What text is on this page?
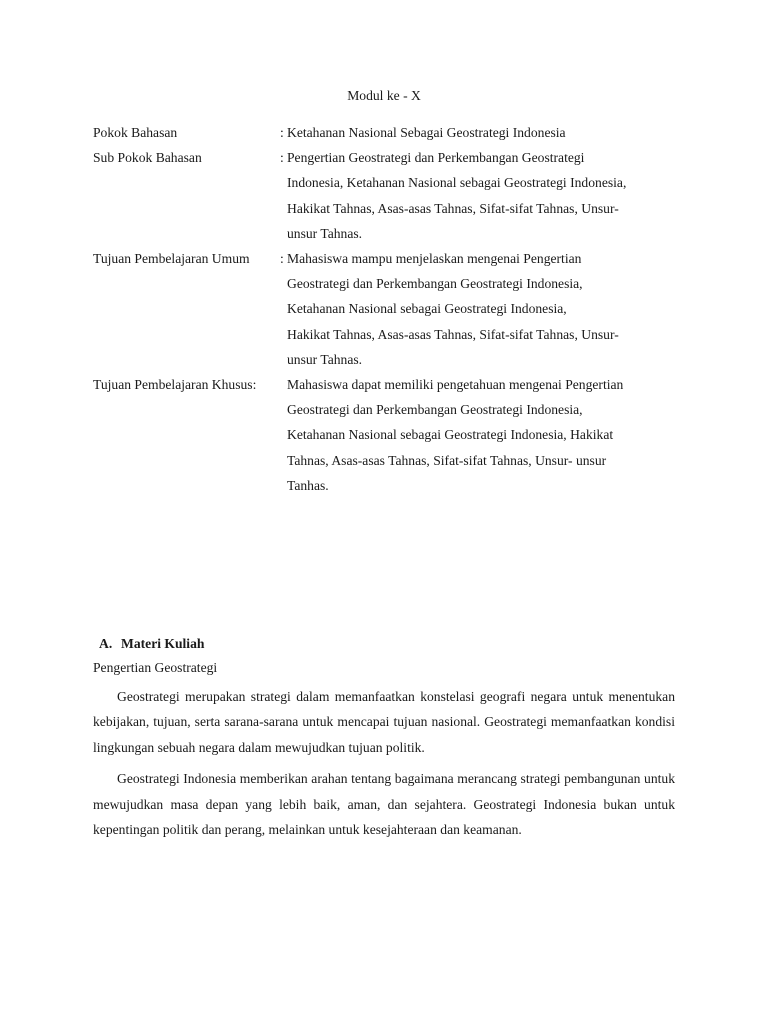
Modul ke - X
Pokok Bahasan	: Ketahanan Nasional Sebagai Geostrategi Indonesia
Sub Pokok Bahasan	: Pengertian Geostrategi dan Perkembangan Geostrategi
Indonesia, Ketahanan Nasional sebagai Geostrategi Indonesia,
Hakikat Tahnas, Asas-asas Tahnas, Sifat-sifat Tahnas, Unsur-
unsur Tahnas.
Tujuan Pembelajaran Umum	: Mahasiswa mampu menjelaskan mengenai Pengertian
Geostrategi dan Perkembangan Geostrategi Indonesia,
Ketahanan Nasional sebagai Geostrategi Indonesia,
Hakikat Tahnas, Asas-asas Tahnas, Sifat-sifat Tahnas, Unsur-
unsur Tahnas.
Tujuan Pembelajaran Khusus:	Mahasiswa dapat memiliki pengetahuan mengenai Pengertian
Geostrategi dan Perkembangan Geostrategi Indonesia,
Ketahanan Nasional sebagai Geostrategi Indonesia, Hakikat
Tahnas, Asas-asas Tahnas, Sifat-sifat Tahnas, Unsur- unsur
Tanhas.
A. Materi Kuliah
Pengertian Geostrategi

Geostrategi merupakan strategi dalam memanfaatkan konstelasi geografi negara untuk menentukan kebijakan, tujuan, serta sarana-sarana untuk mencapai tujuan nasional. Geostrategi memanfaatkan kondisi lingkungan sebuah negara dalam mewujudkan tujuan politik.

Geostrategi Indonesia memberikan arahan tentang bagaimana merancang strategi pembangunan untuk mewujudkan masa depan yang lebih baik, aman, dan sejahtera. Geostrategi Indonesia bukan untuk kepentingan politik dan perang, melainkan untuk kesejahteraan dan keamanan.
